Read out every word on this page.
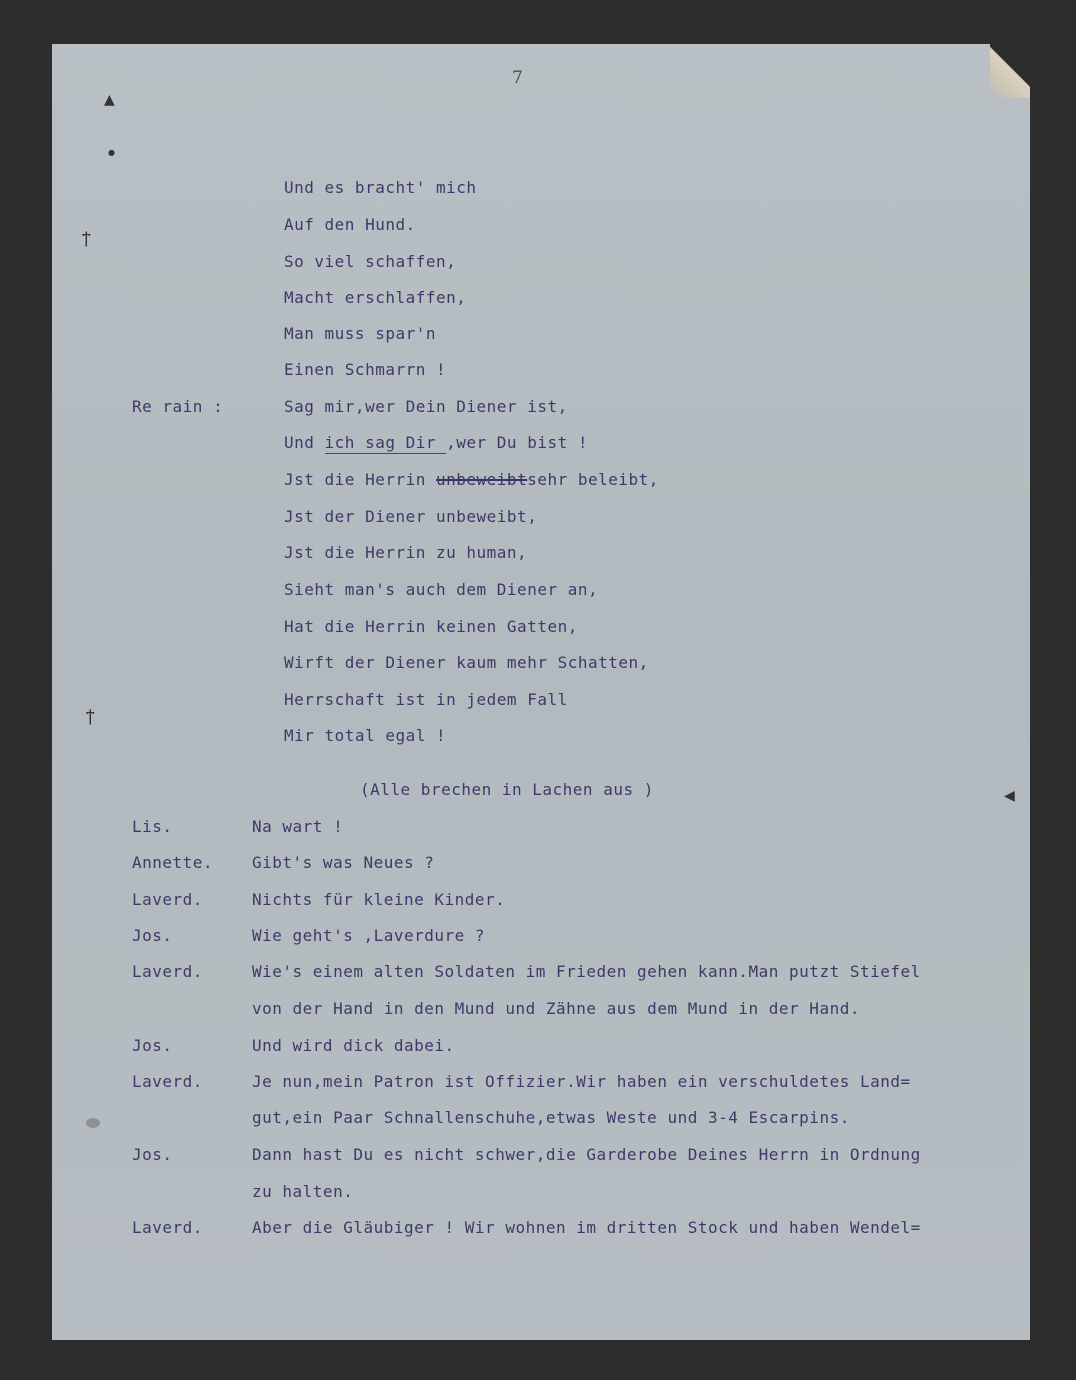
▲
●
ϯ
ϯ
◀
7
Und es bracht' mich
Auf den Hund.
So viel schaffen,
Macht erschlaffen,
Man muss spar'n
Einen Schmarrn !
Re rain :	Sag mir,wer Dein Diener ist,
Und ich sag Dir ,wer Du bist !
Jst die Herrin unbeweibtsehr beleibt,
Jst der Diener unbeweibt,
Jst die Herrin zu human,
Sieht man's auch dem Diener an,
Hat die Herrin keinen Gatten,
Wirft der Diener kaum mehr Schatten,
Herrschaft ist in jedem Fall
Mir total egal !
(Alle brechen in Lachen aus )
Lis.	Na wart !
Annette. Gibt's was Neues ?
Laverd.	Nichts für kleine Kinder.
Jos.	Wie geht's ,Laverdure ?
Laverd.	Wie's einem alten Soldaten im Frieden gehen kann.Man putzt Stiefel
von der Hand in den Mund und Zähne aus dem Mund in der Hand.
Jos.	Und wird dick dabei.
Laverd.	Je nun,mein Patron ist Offizier.Wir haben ein verschuldetes Land=
gut,ein Paar Schnallenschuhe,etwas Weste und 3-4 Escarpins.
Jos.	Dann hast Du es nicht schwer,die Garderobe Deines Herrn in Ordnung
zu halten.
Laverd.	Aber die Gläubiger ! Wir wohnen im dritten Stock und haben Wendel=
